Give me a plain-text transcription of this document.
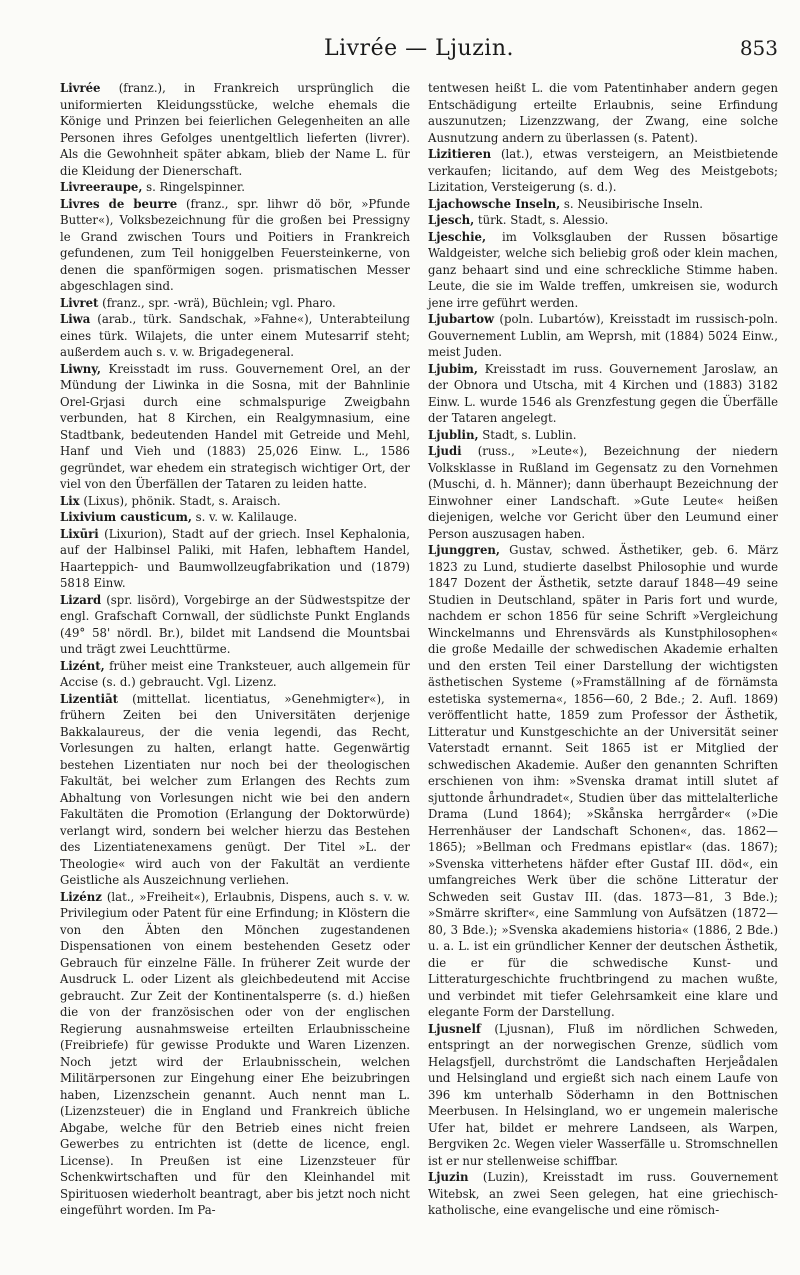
Livrée — Ljuzin.	853

Livrée (franz.), in Frankreich ursprünglich die uniformierten Kleidungsstücke, welche ehemals die Könige und Prinzen bei feierlichen Gelegenheiten an alle Personen ihres Gefolges unentgeltlich lieferten (livrer). Als die Gewohnheit später abkam, blieb der Name L. für die Kleidung der Dienerschaft.

Livreeraupe, s. Ringelspinner.

Livres de beurre (franz., spr. lihwr dö bör, »Pfunde Butter«), Volksbezeichnung für die großen bei Pressigny le Grand zwischen Tours und Poitiers in Frankreich gefundenen, zum Teil honiggelben Feuersteinkerne, von denen die spanförmigen sogen. prismatischen Messer abgeschlagen sind.

Livret (franz., spr. -wrä), Büchlein; vgl. Pharo.

Liwa (arab., türk. Sandschak, »Fahne«), Unterabteilung eines türk. Wilajets, die unter einem Mutesarrif steht; außerdem auch s. v. w. Brigadegeneral.

Liwny, Kreisstadt im russ. Gouvernement Orel, an der Mündung der Liwinka in die Sosna, mit der Bahnlinie Orel-Grjasi durch eine schmalspurige Zweigbahn verbunden, hat 8 Kirchen, ein Realgymnasium, eine Stadtbank, bedeutenden Handel mit Getreide und Mehl, Hanf und Vieh und (1883) 25,026 Einw. L., 1586 gegründet, war ehedem ein strategisch wichtiger Ort, der viel von den Überfällen der Tataren zu leiden hatte.

Lix (Lixus), phönik. Stadt, s. Araisch.

Lixivium causticum, s. v. w. Kalilauge.

Lixūri (Lixurion), Stadt auf der griech. Insel Kephalonia, auf der Halbinsel Paliki, mit Hafen, lebhaftem Handel, Haarteppich- und Baumwollzeugfabrikation und (1879) 5818 Einw.

Lizard (spr. lisörd), Vorgebirge an der Südwestspitze der engl. Grafschaft Cornwall, der südlichste Punkt Englands (49° 58' nördl. Br.), bildet mit Landsend die Mountsbai und trägt zwei Leuchttürme.

Lizént, früher meist eine Tranksteuer, auch allgemein für Accise (s. d.) gebraucht. Vgl. Lizenz.

Lizentiāt (mittellat. licentiatus, »Genehmigter«), in frühern Zeiten bei den Universitäten derjenige Bakkalaureus, der die venia legendi, das Recht, Vorlesungen zu halten, erlangt hatte. Gegenwärtig bestehen Lizentiaten nur noch bei der theologischen Fakultät, bei welcher zum Erlangen des Rechts zum Abhaltung von Vorlesungen nicht wie bei den andern Fakultäten die Promotion (Erlangung der Doktorwürde) verlangt wird, sondern bei welcher hierzu das Bestehen des Lizentiatenexamens genügt. Der Titel »L. der Theologie« wird auch von der Fakultät an verdiente Geistliche als Auszeichnung verliehen.

Lizénz (lat., »Freiheit«), Erlaubnis, Dispens, auch s. v. w. Privilegium oder Patent für eine Erfindung; in Klöstern die von den Äbten den Mönchen zugestandenen Dispensationen von einem bestehenden Gesetz oder Gebrauch für einzelne Fälle. In früherer Zeit wurde der Ausdruck L. oder Lizent als gleichbedeutend mit Accise gebraucht. Zur Zeit der Kontinentalsperre (s. d.) hießen die von der französischen oder von der englischen Regierung ausnahmsweise erteilten Erlaubnisscheine (Freibriefe) für gewisse Produkte und Waren Lizenzen. Noch jetzt wird der Erlaubnisschein, welchen Militärpersonen zur Eingehung einer Ehe beizubringen haben, Lizenzschein genannt. Auch nennt man L. (Lizenzsteuer) die in England und Frankreich übliche Abgabe, welche für den Betrieb eines nicht freien Gewerbes zu entrichten ist (dette de licence, engl. License). In Preußen ist eine Lizenzsteuer für Schenkwirtschaften und für den Kleinhandel mit Spirituosen wiederholt beantragt, aber bis jetzt noch nicht eingeführt worden. Im Pa-

tentwesen heißt L. die vom Patentinhaber andern gegen Entschädigung erteilte Erlaubnis, seine Erfindung auszunutzen; Lizenzzwang, der Zwang, eine solche Ausnutzung andern zu überlassen (s. Patent).

Lizitieren (lat.), etwas versteigern, an Meistbietende verkaufen; licitando, auf dem Weg des Meistgebots; Lizitation, Versteigerung (s. d.).

Ljachowsche Inseln, s. Neusibirische Inseln.

Ljesch, türk. Stadt, s. Alessio.

Ljeschie, im Volksglauben der Russen bösartige Waldgeister, welche sich beliebig groß oder klein machen, ganz behaart sind und eine schreckliche Stimme haben. Leute, die sie im Walde treffen, umkreisen sie, wodurch jene irre geführt werden.

Ljubartow (poln. Lubartów), Kreisstadt im russisch-poln. Gouvernement Lublin, am Weprsh, mit (1884) 5024 Einw., meist Juden.

Ljubim, Kreisstadt im russ. Gouvernement Jaroslaw, an der Obnora und Utscha, mit 4 Kirchen und (1883) 3182 Einw. L. wurde 1546 als Grenzfestung gegen die Überfälle der Tataren angelegt.

Ljublin, Stadt, s. Lublin.

Ljudi (russ., »Leute«), Bezeichnung der niedern Volksklasse in Rußland im Gegensatz zu den Vornehmen (Muschi, d. h. Männer); dann überhaupt Bezeichnung der Einwohner einer Landschaft. »Gute Leute« heißen diejenigen, welche vor Gericht über den Leumund einer Person auszusagen haben.

Ljunggren, Gustav, schwed. Ästhetiker, geb. 6. März 1823 zu Lund, studierte daselbst Philosophie und wurde 1847 Dozent der Ästhetik, setzte darauf 1848—49 seine Studien in Deutschland, später in Paris fort und wurde, nachdem er schon 1856 für seine Schrift »Vergleichung Winckelmanns und Ehrensvärds als Kunstphilosophen« die große Medaille der schwedischen Akademie erhalten und den ersten Teil einer Darstellung der wichtigsten ästhetischen Systeme (»Framställning af de förnämsta estetiska systemerna«, 1856—60, 2 Bde.; 2. Aufl. 1869) veröffentlicht hatte, 1859 zum Professor der Ästhetik, Litteratur und Kunstgeschichte an der Universität seiner Vaterstadt ernannt. Seit 1865 ist er Mitglied der schwedischen Akademie. Außer den genannten Schriften erschienen von ihm: »Svenska dramat intill slutet af sjuttonde århundradet«, Studien über das mittelalterliche Drama (Lund 1864); »Skånska herrgårder« (»Die Herrenhäuser der Landschaft Schonen«, das. 1862—1865); »Bellman och Fredmans epistlar« (das. 1867); »Svenska vitterhetens häfder efter Gustaf III. död«, ein umfangreiches Werk über die schöne Litteratur der Schweden seit Gustav III. (das. 1873—81, 3 Bde.); »Smärre skrifter«, eine Sammlung von Aufsätzen (1872—80, 3 Bde.); »Svenska akademiens historia« (1886, 2 Bde.) u. a. L. ist ein gründlicher Kenner der deutschen Ästhetik, die er für die schwedische Kunst- und Litteraturgeschichte fruchtbringend zu machen wußte, und verbindet mit tiefer Gelehrsamkeit eine klare und elegante Form der Darstellung.

Ljusnelf (Ljusnan), Fluß im nördlichen Schweden, entspringt an der norwegischen Grenze, südlich vom Helagsfjell, durchströmt die Landschaften Herjeådalen und Helsingland und ergießt sich nach einem Laufe von 396 km unterhalb Söderhamn in den Bottnischen Meerbusen. In Helsingland, wo er ungemein malerische Ufer hat, bildet er mehrere Landseen, als Warpen, Bergviken 2c. Wegen vieler Wasserfälle u. Stromschnellen ist er nur stellenweise schiffbar.

Ljuzin (Luzin), Kreisstadt im russ. Gouvernement Witebsk, an zwei Seen gelegen, hat eine griechisch-katholische, eine evangelische und eine römisch-
